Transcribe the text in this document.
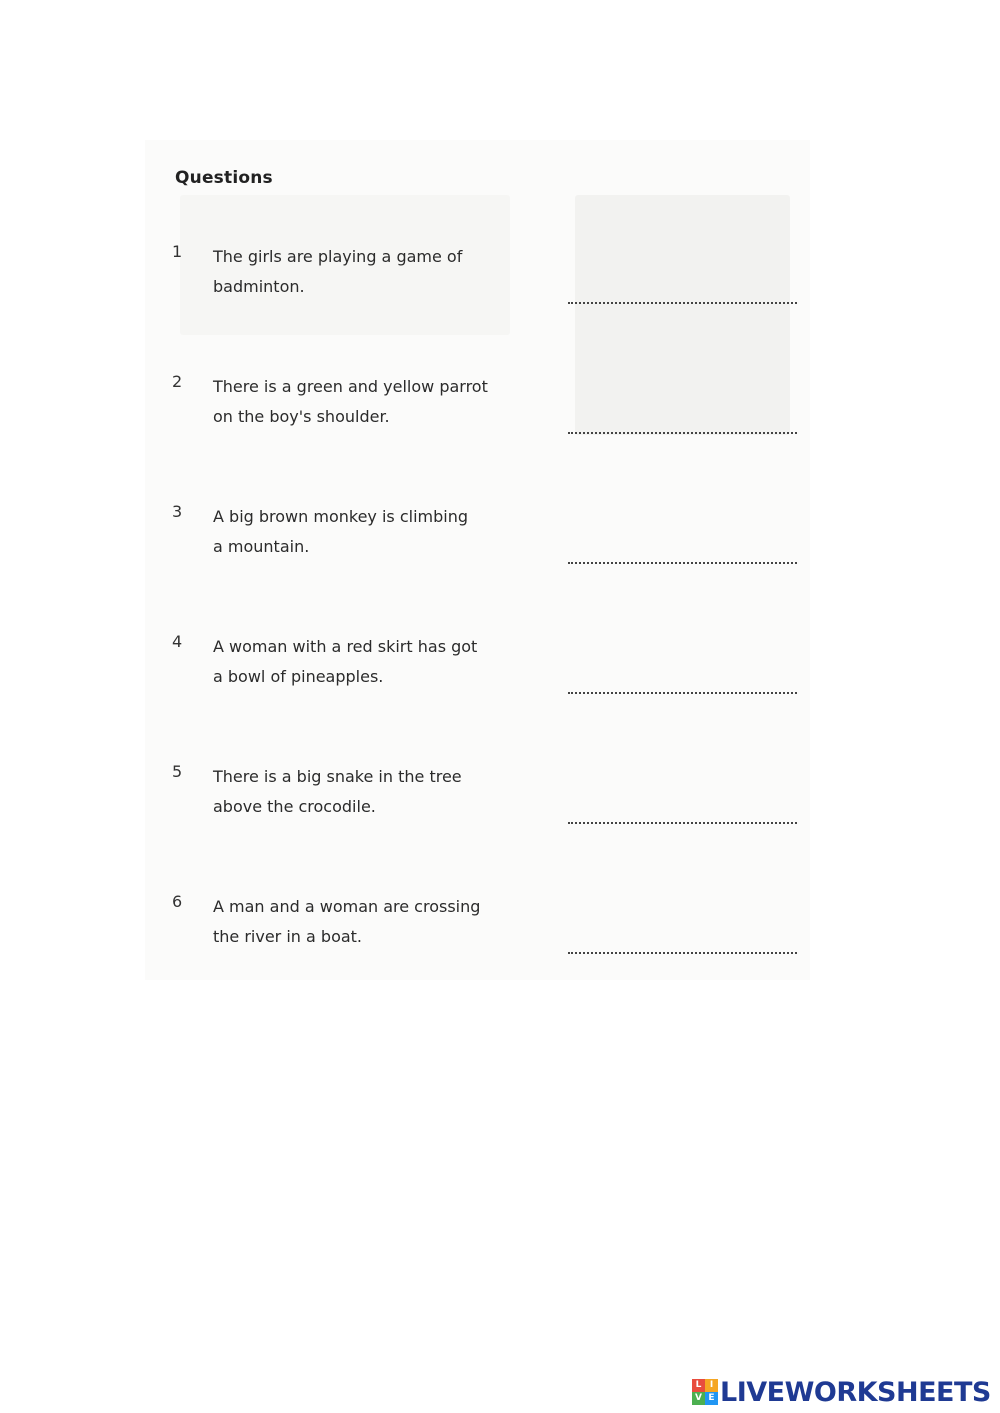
Questions
1 The girls are playing a game of
badminton.
2 There is a green and yellow parrot
on the boy's shoulder.
3 A big brown monkey is climbing
a mountain.
4 A woman with a red skirt has got
a bowl of pineapples.
5 There is a big snake in the tree
above the crocodile.
6 A man and a woman are crossing
the river in a boat.
L I
V E LIVEWORKSHEETS
